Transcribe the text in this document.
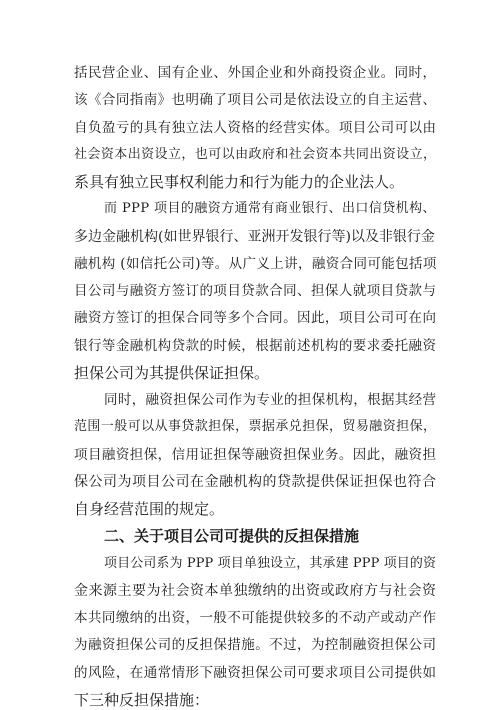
括民营企业、国有企业、外国企业和外商投资企业。同时，
该《合同指南》也明确了项目公司是依法设立的自主运营、
自负盈亏的具有独立法人资格的经营实体。项目公司可以由
社会资本出资设立，也可以由政府和社会资本共同出资设立，
系具有独立民事权利能力和行为能力的企业法人。
而 PPP 项目的融资方通常有商业银行、出口信贷机构、
多边金融机构(如世界银行、亚洲开发银行等)以及非银行金
融机构 (如信托公司)等。从广义上讲，融资合同可能包括项
目公司与融资方签订的项目贷款合同、担保人就项目贷款与
融资方签订的担保合同等多个合同。因此，项目公司可在向
银行等金融机构贷款的时候，根据前述机构的要求委托融资
担保公司为其提供保证担保。
同时，融资担保公司作为专业的担保机构，根据其经营
范围一般可以从事贷款担保，票据承兑担保，贸易融资担保，
项目融资担保，信用证担保等融资担保业务。因此，融资担
保公司为项目公司在金融机构的贷款提供保证担保也符合
自身经营范围的规定。
二、关于项目公司可提供的反担保措施
项目公司系为 PPP 项目单独设立，其承建 PPP 项目的资
金来源主要为社会资本单独缴纳的出资或政府方与社会资
本共同缴纳的出资，一般不可能提供较多的不动产或动产作
为融资担保公司的反担保措施。不过，为控制融资担保公司
的风险，在通常情形下融资担保公司可要求项目公司提供如
下三种反担保措施：
